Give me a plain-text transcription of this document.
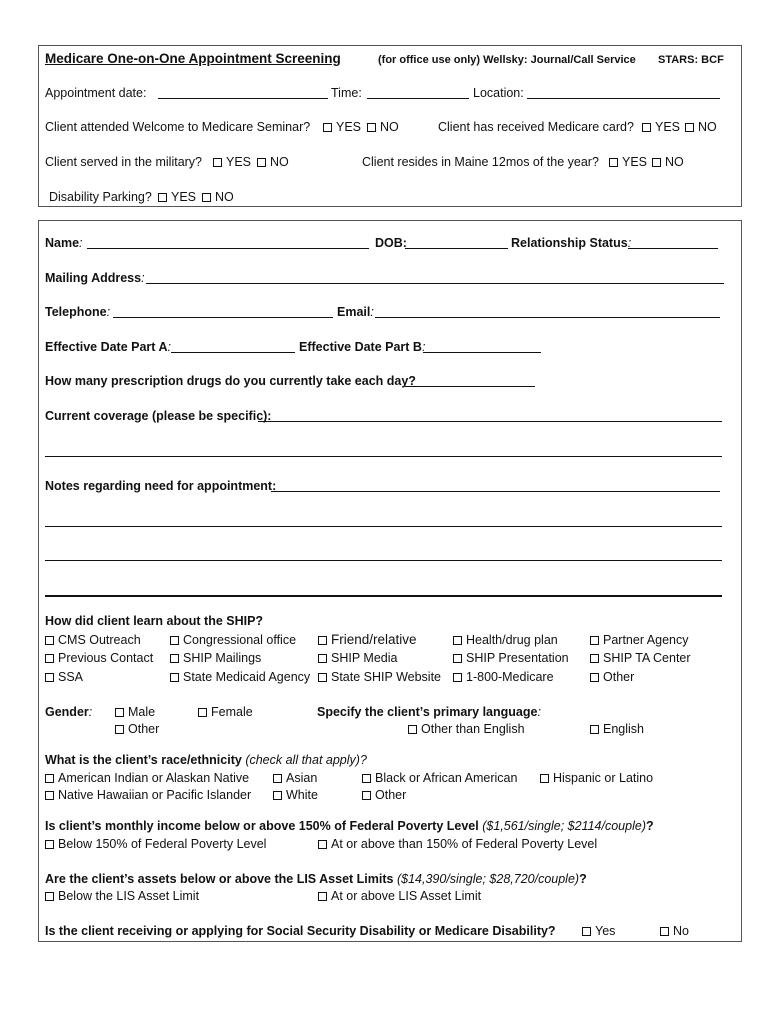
Medicare One-on-One Appointment Screening	(for office use only) Wellsky: Journal/Call Service STARS: BCF
Appointment date:	Time:	Location:
Client attended Welcome to Medicare Seminar?	YES	NO	Client has received Medicare card?	YES	NO
Client served in the military?	YES	NO	Client resides in Maine 12mos of the year?	YES	NO
Disability Parking?	YES	NO
Name:	DOB:	Relationship Status:
Mailing Address:
Telephone:	Email:
Effective Date Part A:	Effective Date Part B:
How many prescription drugs do you currently take each day?
Current coverage (please be specific):
Notes regarding need for appointment:
How did client learn about the SHIP?
CMS Outreach	Congressional office	Friend/relative	Health/drug plan	Partner Agency
Previous Contact	SHIP Mailings	SHIP Media	SHIP Presentation	SHIP TA Center
SSA	State Medicaid Agency	State SHIP Website	1-800-Medicare	Other
Gender:	Male	Female
Other
Specify the client’s primary language:
Other than English	English
What is the client’s race/ethnicity (check all that apply)?
American Indian or Alaskan Native	Asian	Black or African American	Hispanic or Latino
Native Hawaiian or Pacific Islander	White	Other
Is client’s monthly income below or above 150% of Federal Poverty Level ($1,561/single; $2114/couple)?
Below 150% of Federal Poverty Level	At or above than 150% of Federal Poverty Level
Are the client’s assets below or above the LIS Asset Limits ($14,390/single; $28,720/couple)?
Below the LIS Asset Limit	At or above LIS Asset Limit
Is the client receiving or applying for Social Security Disability or Medicare Disability?	Yes	No
